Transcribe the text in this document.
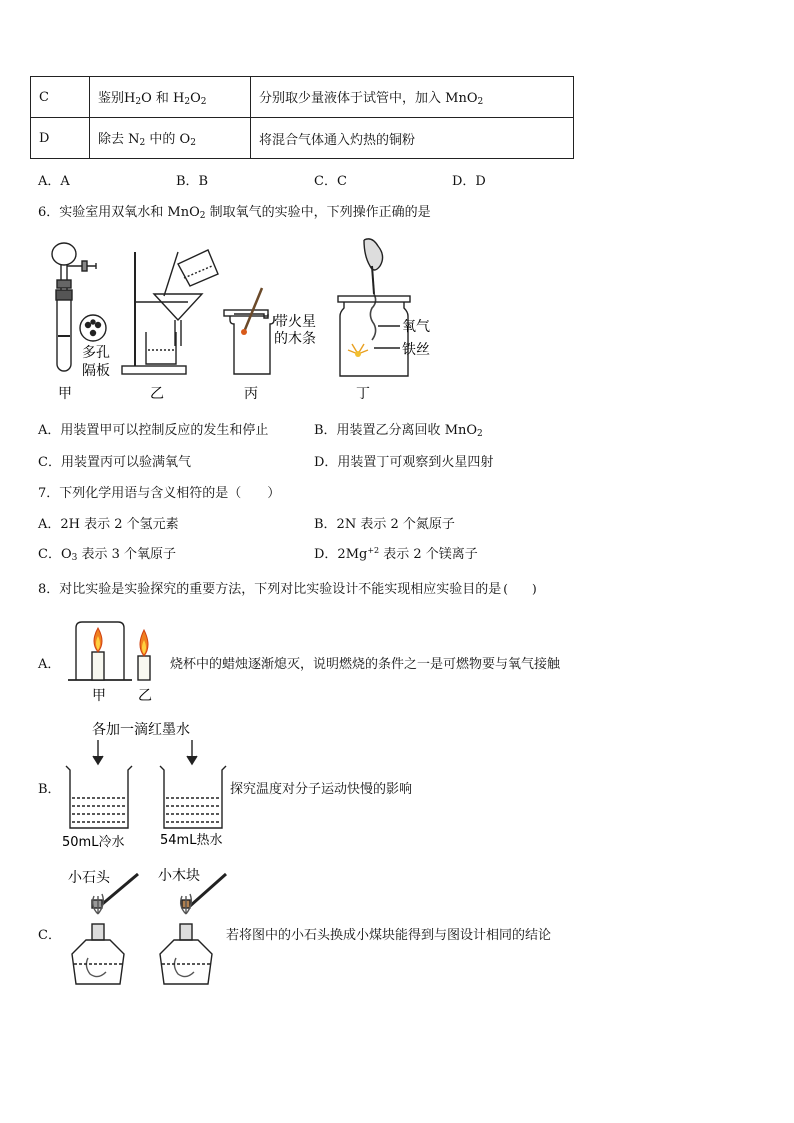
C	鉴别$H_2O$ 和 $H_2O_2$	分别取少量液体于试管中，加入 MnO$_2$
D	除去 $N_2$ 中的 $O_2$	将混合气体通入灼热的铜粉
A．A	B．B	C．C	D．D
6．实验室用双氧水和 MnO$_2$ 制取氧气的实验中，下列操作正确的是
多孔
隔板
甲	乙
带火星
的木条
丙
氧气
铁丝
丁
A．用装置甲可以控制反应的发生和停止	B．用装置乙分离回收 MnO$_2$
C．用装置丙可以验满氧气	D．用装置丁可观察到火星四射
7．下列化学用语与含义相符的是（　　）
A．2H 表示 2 个氢元素	B．2N 表示 2 个氮原子
C．$O_3$ 表示 3 个氧原子	D．$2Mg^{+2}$ 表示 2 个镁离子
8．对比实验是实验探究的重要方法，下列对比实验设计不能实现相应实验目的是 (　　)
A．
甲 乙
烧杯中的蜡烛逐渐熄灭，说明燃烧的条件之一是可燃物要与氧气接触
B．
各加一滴红墨水
50mL冷水	54mL热水
探究温度对分子运动快慢的影响
C．
小石头	小木块
若将图中的小石头换成小煤块能得到与图设计相同的结论
